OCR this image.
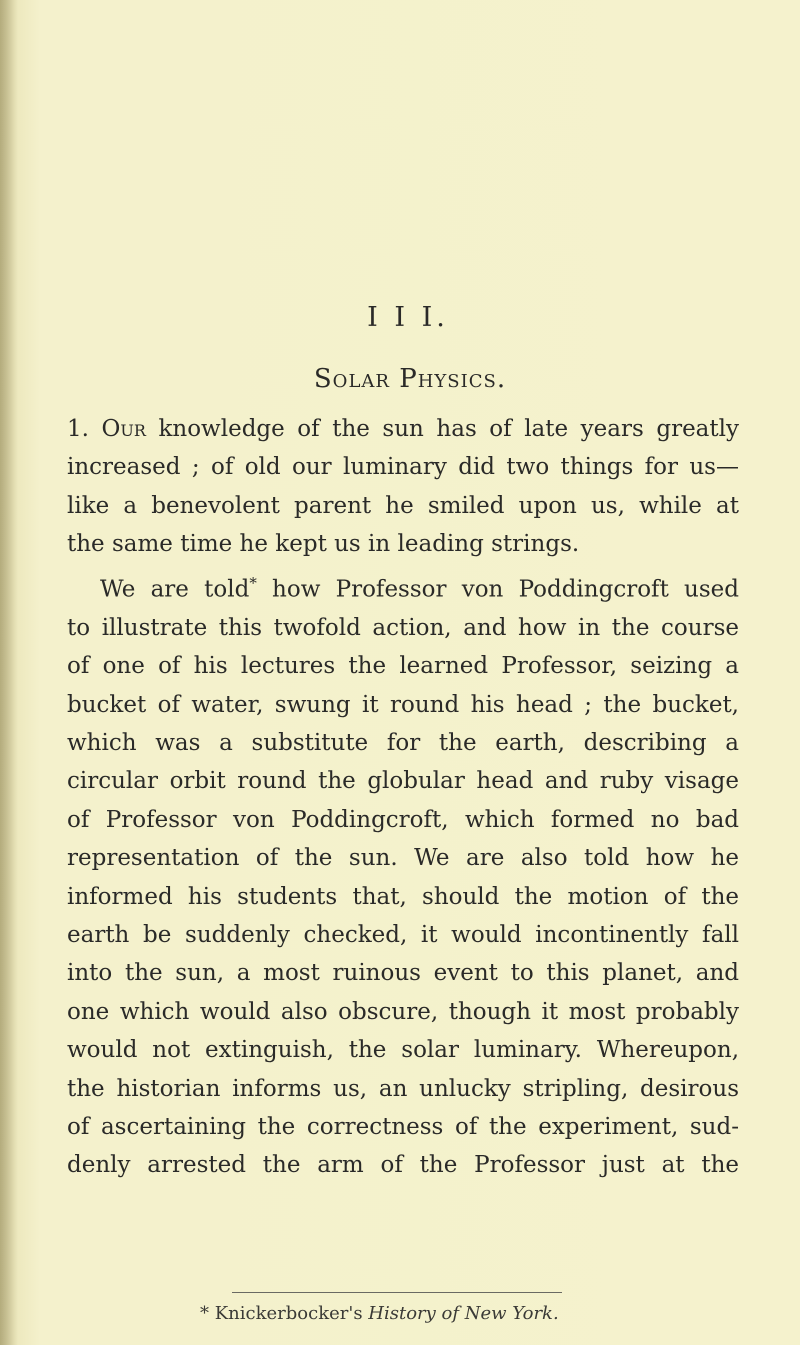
I I I.
Solar Physics.
1. Our knowledge of the sun has of late years greatly
increased ; of old our luminary did two things for us—
like a benevolent parent he smiled upon us, while at
the same time he kept us in leading strings.
We are told* how Professor von Poddingcroft used
to illustrate this twofold action, and how in the course
of one of his lectures the learned Professor, seizing a
bucket of water, swung it round his head ; the bucket,
which was a substitute for the earth, describing a
circular orbit round the globular head and ruby visage
of Professor von Poddingcroft, which formed no bad
representation of the sun. We are also told how he
informed his students that, should the motion of the
earth be suddenly checked, it would incontinently fall
into the sun, a most ruinous event to this planet, and
one which would also obscure, though it most probably
would not extinguish, the solar luminary. Whereupon,
the historian informs us, an unlucky stripling, desirous
of ascertaining the correctness of the experiment, sud-
denly arrested the arm of the Professor just at the
* Knickerbocker's History of New York.
